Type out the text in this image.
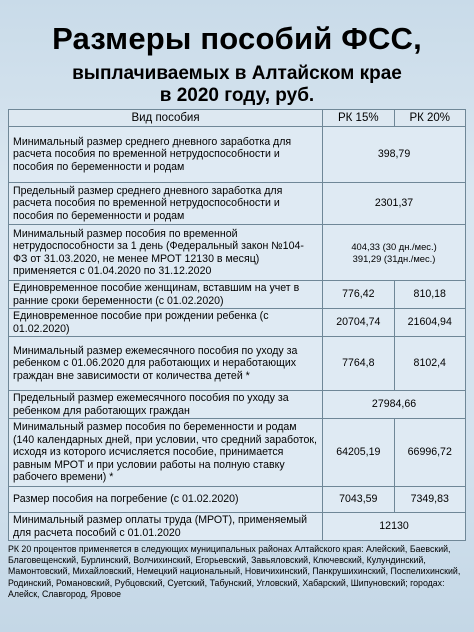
Размеры пособий ФСС,
выплачиваемых в Алтайском крае
в 2020 году, руб.
Вид пособия	РК 15%	РК 20%
Минимальный размер среднего дневного заработка для расчета пособия по временной нетрудоспособности и пособия по беременности и родам	398,79	
Предельный размер среднего дневного заработка для расчета пособия по временной нетрудоспособности и пособия по беременности и родам	2301,37	
Минимальный размер пособия по временной нетрудоспособности за 1 день (Федеральный закон №104-ФЗ от 31.03.2020, не менее МРОТ 12130 в месяц) применяется с 01.04.2020 по 31.12.2020	404,33 (30 дн./мес.)
391,29 (31дн./мес.)	

Единовременное пособие женщинам, вставшим на учет в ранние сроки беременности (с 01.02.2020)	776,42	810,18
Единовременное пособие при рождении ребенка (с 01.02.2020)	20704,74	21604,94
Минимальный размер ежемесячного пособия по уходу за ребенком с 01.06.2020 для работающих и неработающих граждан вне зависимости от количества детей *	7764,8	8102,4
Предельный размер ежемесячного пособия по уходу за ребенком для работающих граждан	27984,66	
Минимальный размер пособия по беременности и родам (140 календарных дней, при условии, что средний заработок, исходя из которого исчисляется пособие, принимается равным МРОТ и при условии работы на полную ставку рабочего времени) *	64205,19	66996,72
Размер пособия на погребение (с 01.02.2020)	7043,59	7349,83
Минимальный размер оплаты труда (МРОТ), применяемый для расчета пособий с 01.01.2020	12130	
РК 20 процентов применяется в следующих муниципальных районах Алтайского края: Алейский, Баевский, Благовещенский, Бурлинский, Волчихинский, Егорьевский, Завьяловский, Ключевский, Кулундинский, Мамонтовский, Михайловский, Немецкий национальный, Новичихинский, Панкрушихинский, Поспелихинский, Родинский, Романовский, Рубцовский, Суетский, Табунский, Угловский, Хабарский, Шипуновский; городах: Алейск, Славгород, Яровое
